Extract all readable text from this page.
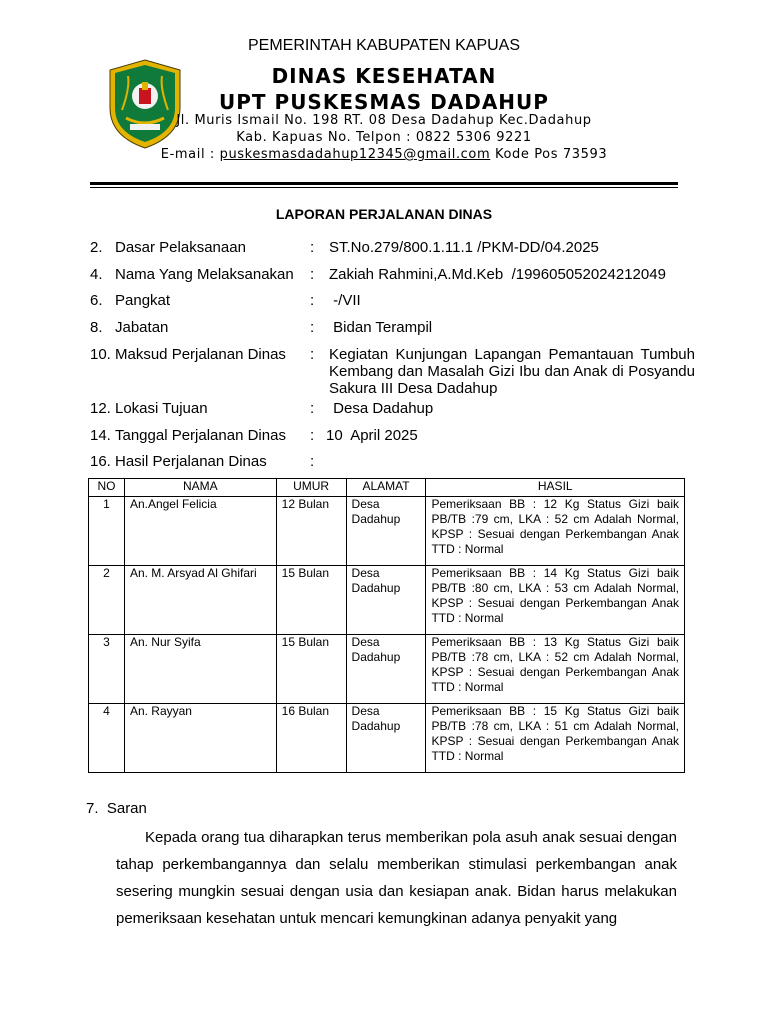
PEMERINTAH KABUPATEN KAPUAS
DINAS KESEHATAN
UPT PUSKESMAS DADAHUP
Jl. Muris Ismail No. 198 RT. 08 Desa Dadahup Kec.Dadahup
Kab. Kapuas No. Telpon : 0822 5306 9221
E-mail : puskesmasdadahup12345@gmail.com Kode Pos 73593
LAPORAN PERJALANAN DINAS
2. Dasar Pelaksanaan	: ST.No.279/800.1.11.1 /PKM-DD/04.2025
4. Nama Yang Melaksanakan : Zakiah Rahmini,A.Md.Keb  /199605052024212049
6. Pangkat	: -/VII
8. Jabatan	: Bidan Terampil
10. Maksud Perjalanan Dinas : Kegiatan Kunjungan Lapangan Pemantauan Tumbuh Kembang dan Masalah Gizi Ibu dan Anak di Posyandu Sakura III Desa Dadahup
12. Lokasi Tujuan	: Desa Dadahup
14. Tanggal Perjalanan Dinas : 10  April 2025
16. Hasil Perjalanan Dinas	:
NO	NAMA	UMUR	ALAMAT	HASIL
1	An.Angel Felicia	12 Bulan	Desa Dadahup	Pemeriksaan BB : 12 Kg Status Gizi baik PB/TB :79 cm, LKA : 52 cm Adalah Normal, KPSP : Sesuai dengan Perkembangan Anak TTD : Normal
2	An. M. Arsyad Al Ghifari	15 Bulan	Desa Dadahup	Pemeriksaan BB : 14 Kg Status Gizi baik PB/TB :80 cm, LKA : 53 cm Adalah Normal, KPSP : Sesuai dengan Perkembangan Anak TTD : Normal
3	An. Nur Syifa	15 Bulan	Desa Dadahup	Pemeriksaan BB : 13 Kg Status Gizi baik PB/TB :78 cm, LKA : 52 cm Adalah Normal, KPSP : Sesuai dengan Perkembangan Anak TTD : Normal
4	An. Rayyan	16 Bulan	Desa Dadahup	Pemeriksaan BB : 15 Kg Status Gizi baik PB/TB :78 cm, LKA : 51 cm Adalah Normal, KPSP : Sesuai dengan Perkembangan Anak TTD : Normal
7.  Saran
Kepada orang tua diharapkan terus memberikan pola asuh anak sesuai dengan tahap perkembangannya dan selalu memberikan stimulasi perkembangan anak sesering mungkin sesuai dengan usia dan kesiapan anak. Bidan harus melakukan pemeriksaan kesehatan untuk mencari kemungkinan adanya penyakit yang
